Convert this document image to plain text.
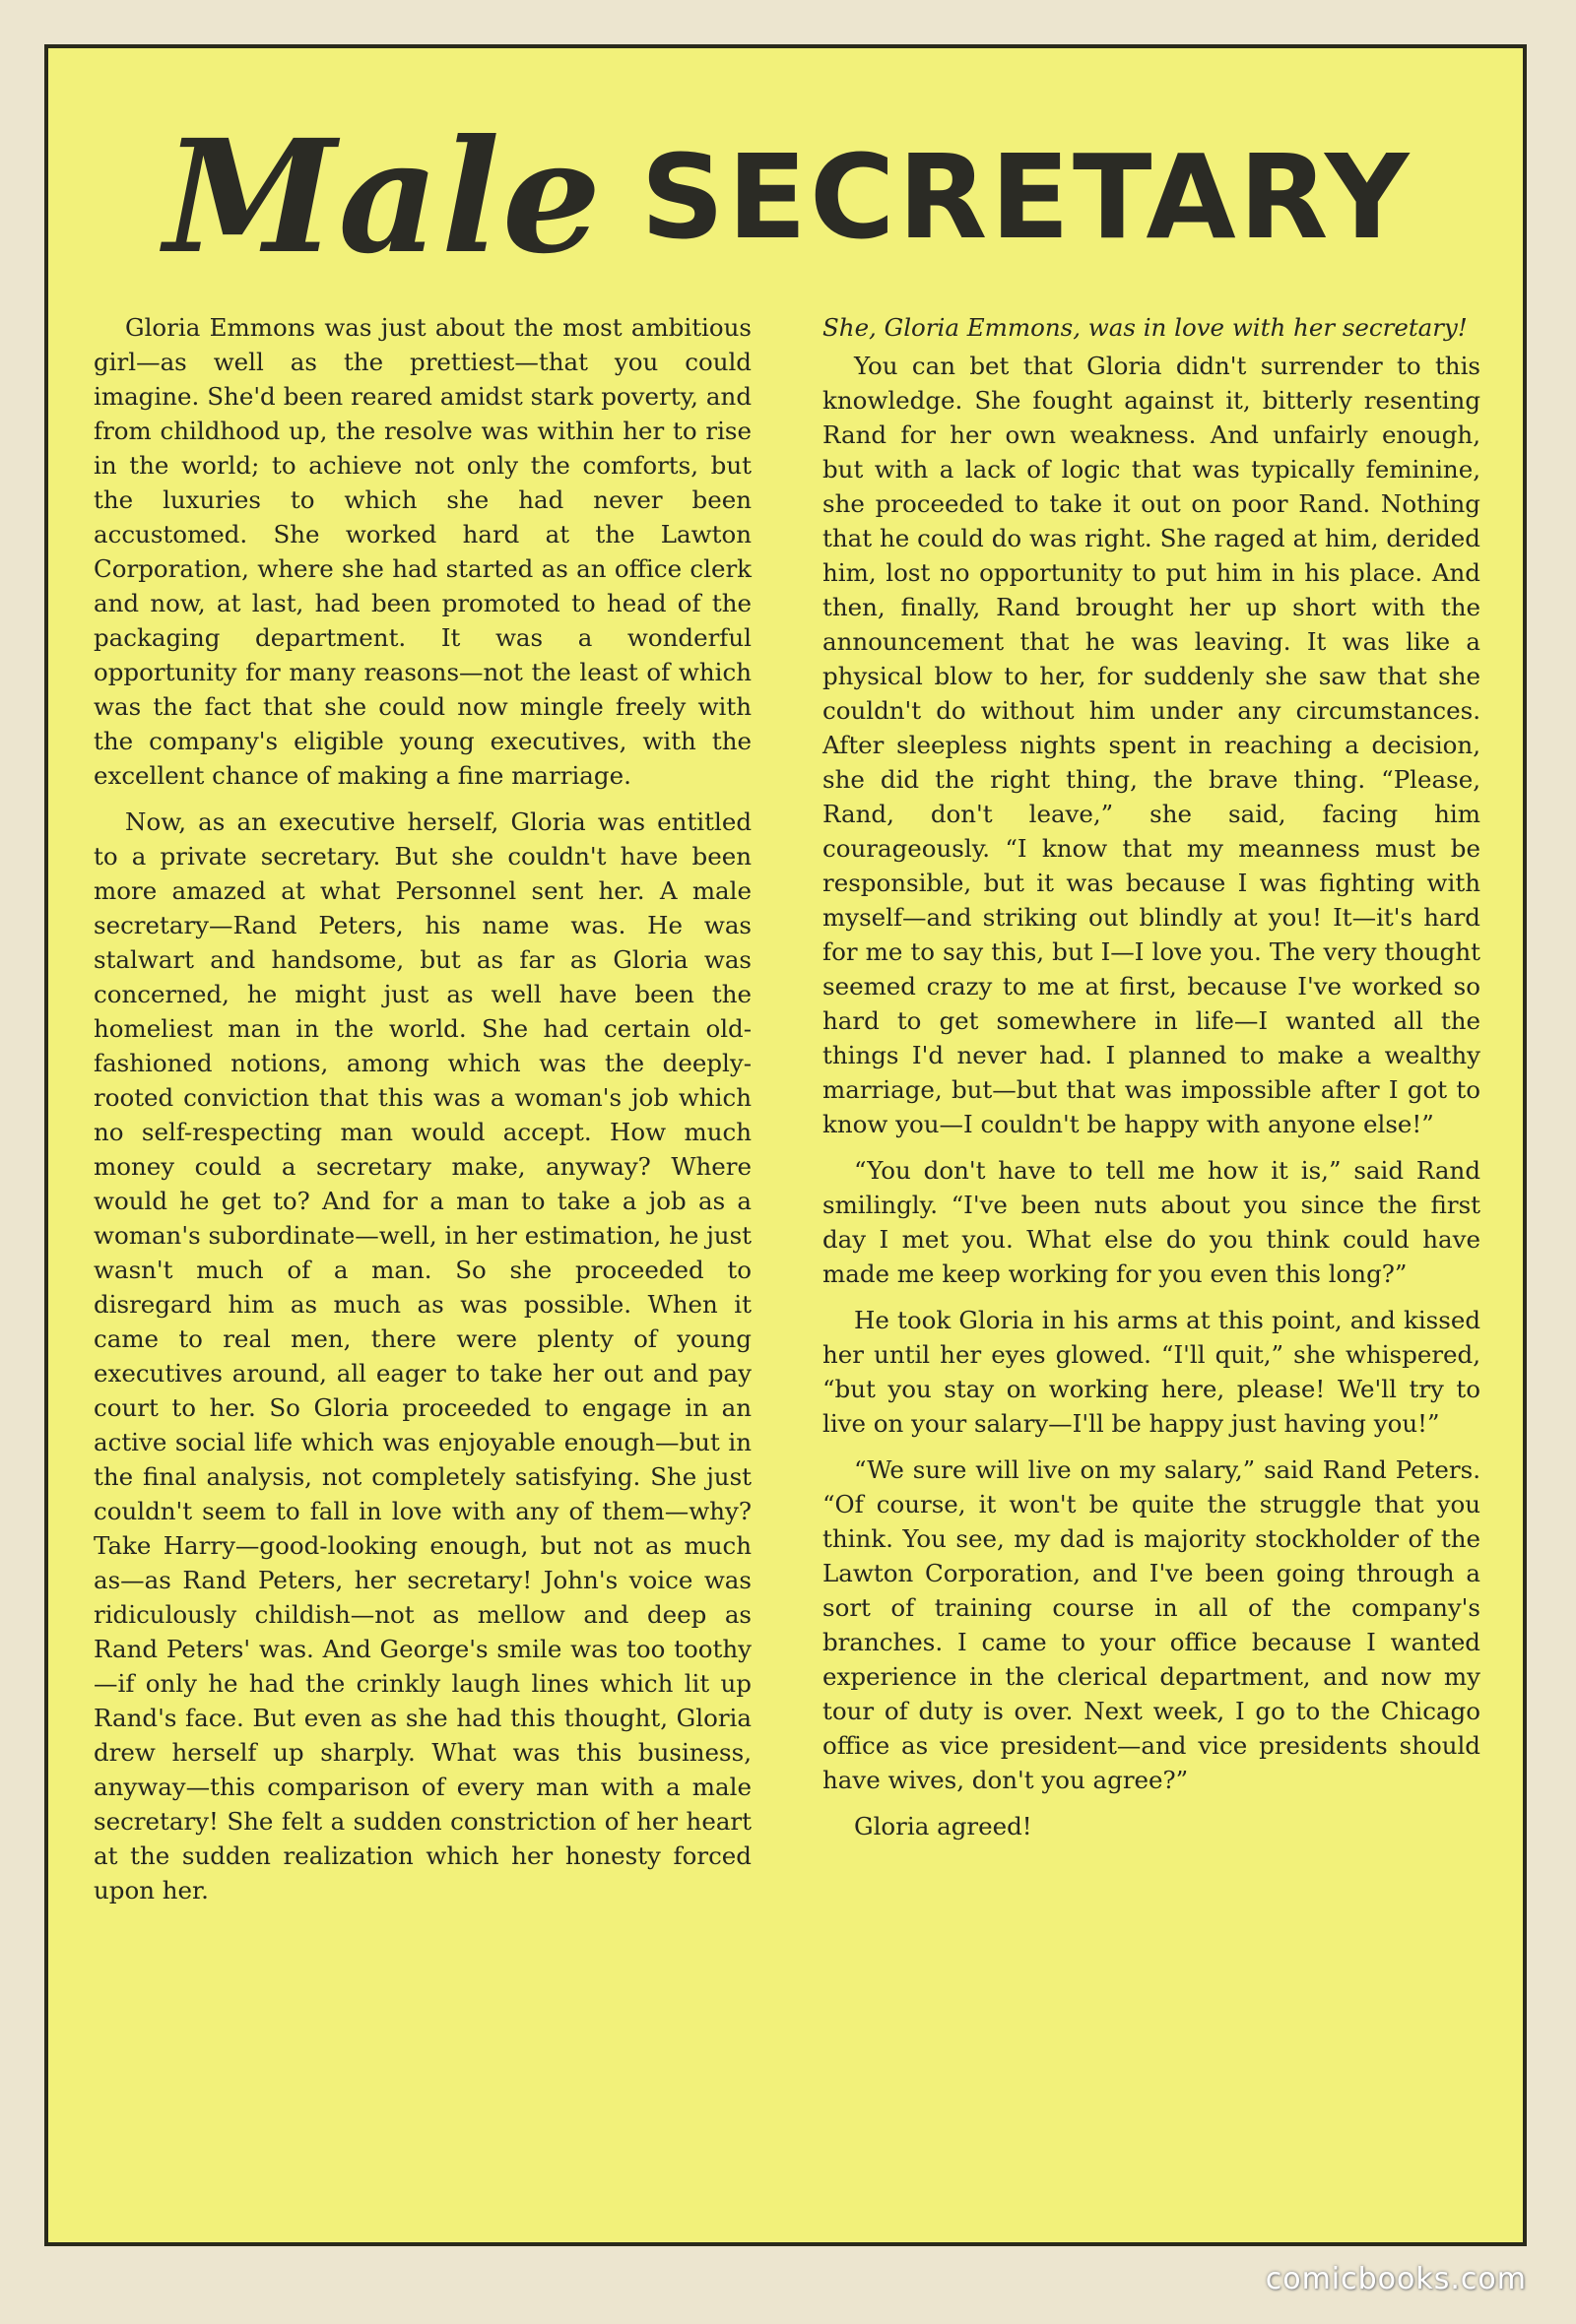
Male SECRETARY

Gloria Emmons was just about the most ambitious girl—as well as the prettiest—that you could imagine. She'd been reared amidst stark poverty, and from childhood up, the resolve was within her to rise in the world; to achieve not only the comforts, but the luxuries to which she had never been accustomed. She worked hard at the Lawton Corporation, where she had started as an office clerk and now, at last, had been promoted to head of the packaging department. It was a wonderful opportunity for many reasons—not the least of which was the fact that she could now mingle freely with the company's eligible young executives, with the excellent chance of making a fine marriage.

Now, as an executive herself, Gloria was entitled to a private secretary. But she couldn't have been more amazed at what Personnel sent her. A male secretary—Rand Peters, his name was. He was stalwart and handsome, but as far as Gloria was concerned, he might just as well have been the homeliest man in the world. She had certain old-fashioned notions, among which was the deeply-rooted conviction that this was a woman's job which no self-respecting man would accept. How much money could a secretary make, anyway? Where would he get to? And for a man to take a job as a woman's subordinate—well, in her estimation, he just wasn't much of a man. So she proceeded to disregard him as much as was possible. When it came to real men, there were plenty of young executives around, all eager to take her out and pay court to her. So Gloria proceeded to engage in an active social life which was enjoyable enough—but in the final analysis, not completely satisfying. She just couldn't seem to fall in love with any of them—why? Take Harry—good-looking enough, but not as much as—as Rand Peters, her secretary! John's voice was ridiculously childish—not as mellow and deep as Rand Peters' was. And George's smile was too toothy—if only he had the crinkly laugh lines which lit up Rand's face. But even as she had this thought, Gloria drew herself up sharply. What was this business, anyway—this comparison of every man with a male secretary! She felt a sudden constriction of her heart at the sudden realization which her honesty forced upon her.

She, Gloria Emmons, was in love with her secretary!

You can bet that Gloria didn't surrender to this knowledge. She fought against it, bitterly resenting Rand for her own weakness. And unfairly enough, but with a lack of logic that was typically feminine, she proceeded to take it out on poor Rand. Nothing that he could do was right. She raged at him, derided him, lost no opportunity to put him in his place. And then, finally, Rand brought her up short with the announcement that he was leaving. It was like a physical blow to her, for suddenly she saw that she couldn't do without him under any circumstances. After sleepless nights spent in reaching a decision, she did the right thing, the brave thing. “Please, Rand, don't leave,” she said, facing him courageously. “I know that my meanness must be responsible, but it was because I was fighting with myself—and striking out blindly at you! It—it's hard for me to say this, but I—I love you. The very thought seemed crazy to me at first, because I've worked so hard to get somewhere in life—I wanted all the things I'd never had. I planned to make a wealthy marriage, but—but that was impossible after I got to know you—I couldn't be happy with anyone else!”

“You don't have to tell me how it is,” said Rand smilingly. “I've been nuts about you since the first day I met you. What else do you think could have made me keep working for you even this long?”

He took Gloria in his arms at this point, and kissed her until her eyes glowed. “I'll quit,” she whispered, “but you stay on working here, please! We'll try to live on your salary—I'll be happy just having you!”

“We sure will live on my salary,” said Rand Peters. “Of course, it won't be quite the struggle that you think. You see, my dad is majority stockholder of the Lawton Corporation, and I've been going through a sort of training course in all of the company's branches. I came to your office because I wanted experience in the clerical department, and now my tour of duty is over. Next week, I go to the Chicago office as vice president—and vice presidents should have wives, don't you agree?”

Gloria agreed!

comicbooks.com
